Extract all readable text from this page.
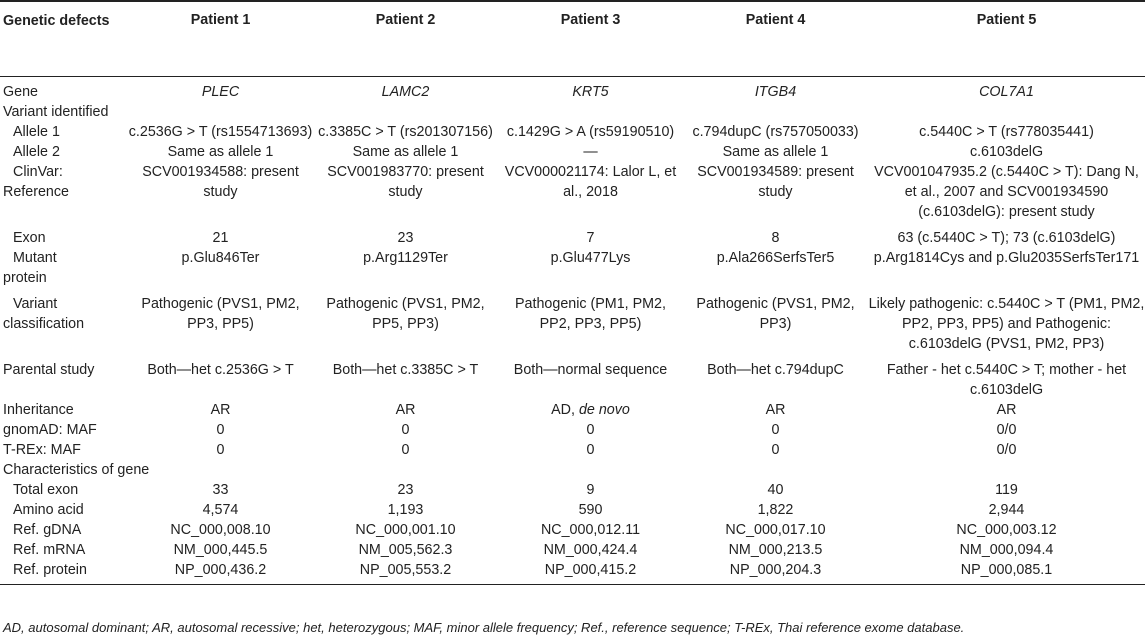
Genetic defects	Patient 1	Patient 2	Patient 3	Patient 4	Patient 5
Gene	PLEC	LAMC2	KRT5	ITGB4	COL7A1
Variant identified					
Allele 1	c.2536G > T (rs1554713693)	c.3385C > T (rs201307156)	c.1429G > A (rs59190510)	c.794dupC (rs757050033)	c.5440C > T (rs778035441)
Allele 2	Same as allele 1	Same as allele 1	—	Same as allele 1	c.6103delG

ClinVar:
Reference	SCV001934588: present study	SCV001983770: present study	VCV000021174: Lalor L, et al., 2018	SCV001934589: present study	VCV001047935.2 (c.5440C > T): Dang N, et al., 2007 and SCV001934590 (c.6103delG): present study
Exon	21	23	7	8	63 (c.5440C > T); 73 (c.6103delG)

Mutant
protein	p.Glu846Ter	p.Arg1129Ter	p.Glu477Lys	p.Ala266SerfsTer5	p.Arg1814Cys and p.Glu2035SerfsTer171

Variant
classification	Pathogenic (PVS1, PM2, PP3, PP5)	Pathogenic (PVS1, PM2, PP5, PP3)	Pathogenic (PM1, PM2, PP2, PP3, PP5)	Pathogenic (PVS1, PM2, PP3)	Likely pathogenic: c.5440C > T (PM1, PM2, PP2, PP3, PP5) and Pathogenic: c.6103delG (PVS1, PM2, PP3)
Parental study	Both—het c.2536G > T	Both—het c.3385C > T	Both—normal sequence	Both—het c.794dupC	Father - het c.5440C > T; mother - het c.6103delG
Inheritance	AR	AR	AD, de novo	AR	AR
gnomAD: MAF	0	0	0	0	0/0
T-REx: MAF	0	0	0	0	0/0
Characteristics of gene					
Total exon	33	23	9	40	119
Amino acid	4,574	1,193	590	1,822	2,944
Ref. gDNA	NC_000,008.10	NC_000,001.10	NC_000,012.11	NC_000,017.10	NC_000,003.12
Ref. mRNA	NM_000,445.5	NM_005,562.3	NM_000,424.4	NM_000,213.5	NM_000,094.4
Ref. protein	NP_000,436.2	NP_005,553.2	NP_000,415.2	NP_000,204.3	NP_000,085.1
AD, autosomal dominant; AR, autosomal recessive; het, heterozygous; MAF, minor allele frequency; Ref., reference sequence; T-REx, Thai reference exome database.
